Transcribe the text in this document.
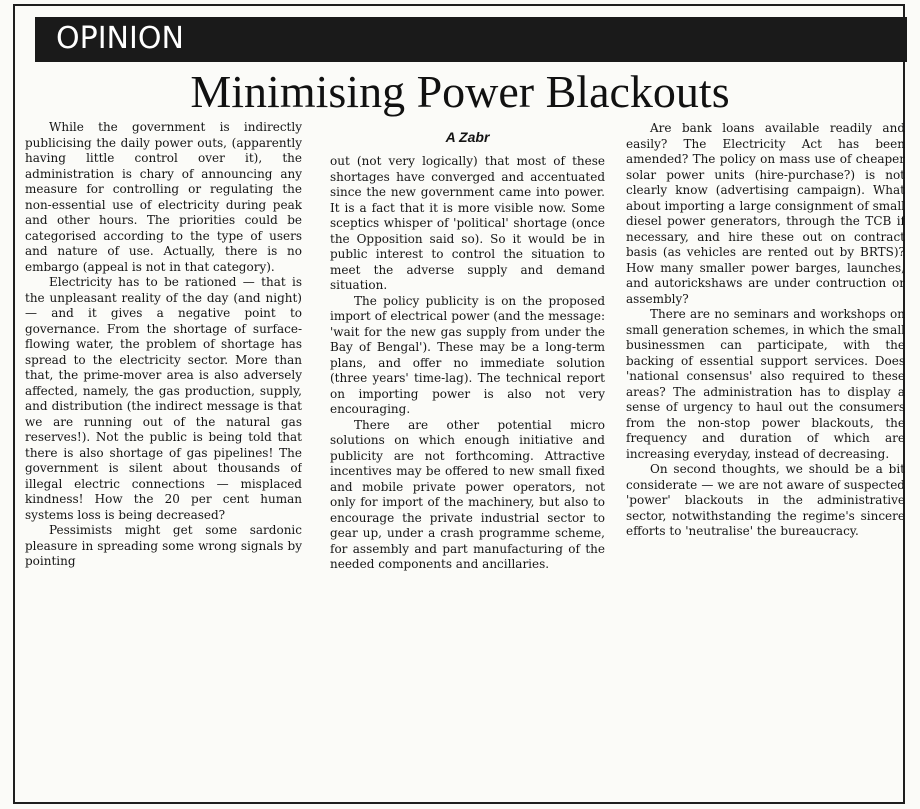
OPINION
Minimising Power Blackouts

While the government is indirectly publicising the daily power outs, (apparently having little control over it), the administration is chary of announcing any measure for controlling or regulating the non-essential use of electricity during peak and other hours. The priorities could be categorised according to the type of users and nature of use. Actually, there is no embargo (appeal is not in that category).

Electricity has to be rationed — that is the unpleasant reality of the day (and night) — and it gives a negative point to governance. From the shortage of surface-flowing water, the problem of shortage has spread to the electricity sector. More than that, the prime-mover area is also adversely affected, namely, the gas production, supply, and distribution (the indirect message is that we are running out of the natural gas reserves!). Not the public is being told that there is also shortage of gas pipelines! The government is silent about thousands of illegal electric connections — misplaced kindness! How the 20 per cent human systems loss is being decreased?

Pessimists might get some sardonic pleasure in spreading some wrong signals by pointing

A Zabr

out (not very logically) that most of these shortages have converged and accentuated since the new government came into power. It is a fact that it is more visible now. Some sceptics whisper of 'political' shortage (once the Opposition said so). So it would be in public interest to control the situation to meet the adverse supply and demand situation.

The policy publicity is on the proposed import of electrical power (and the message: 'wait for the new gas supply from under the Bay of Bengal'). These may be a long-term plans, and offer no immediate solution (three years' time-lag). The technical report on importing power is also not very encouraging.

There are other potential micro solutions on which enough initiative and publicity are not forthcoming. Attractive incentives may be offered to new small fixed and mobile private power operators, not only for import of the machinery, but also to encourage the private industrial sector to gear up, under a crash programme scheme, for assembly and part manufacturing of the needed components and ancillaries.

Are bank loans available readily and easily? The Electricity Act has been amended? The policy on mass use of cheaper solar power units (hire-purchase?) is not clearly know (advertising campaign). What about importing a large consignment of small diesel power generators, through the TCB if necessary, and hire these out on contract basis (as vehicles are rented out by BRTS)? How many smaller power barges, launches, and autorickshaws are under contruction or assembly?

There are no seminars and workshops on small generation schemes, in which the small businessmen can participate, with the backing of essential support services. Does 'national consensus' also required to these areas? The administration has to display a sense of urgency to haul out the consumers from the non-stop power blackouts, the frequency and duration of which are increasing everyday, instead of decreasing.

On second thoughts, we should be a bit considerate — we are not aware of suspected 'power' blackouts in the administrative sector, notwithstanding the regime's sincere efforts to 'neutralise' the bureaucracy.
